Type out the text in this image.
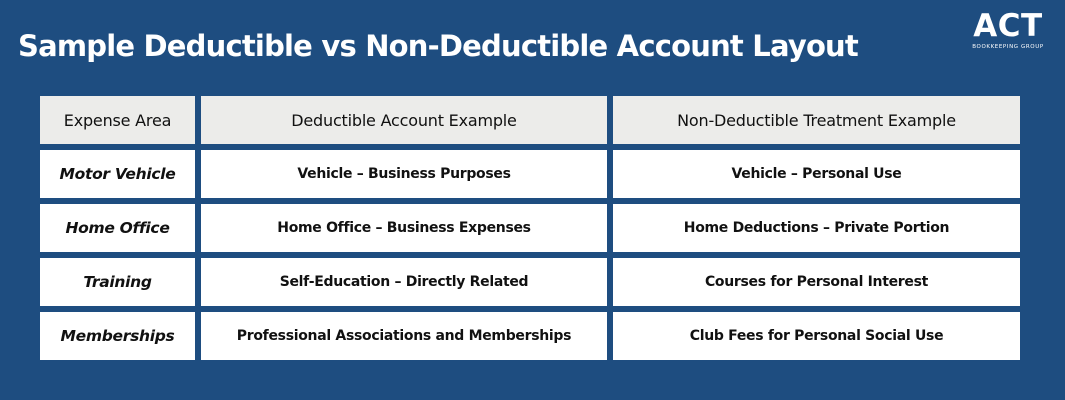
Sample Deductible vs Non-Deductible Account Layout
ACT
BOOKKEEPING GROUP
Expense Area	Deductible Account Example	Non-Deductible Treatment Example
Motor Vehicle	Vehicle – Business Purposes	Vehicle – Personal Use
Home Office	Home Office – Business Expenses	Home Deductions – Private Portion
Training	Self-Education – Directly Related	Courses for Personal Interest
Memberships	Professional Associations and Memberships	Club Fees for Personal Social Use
